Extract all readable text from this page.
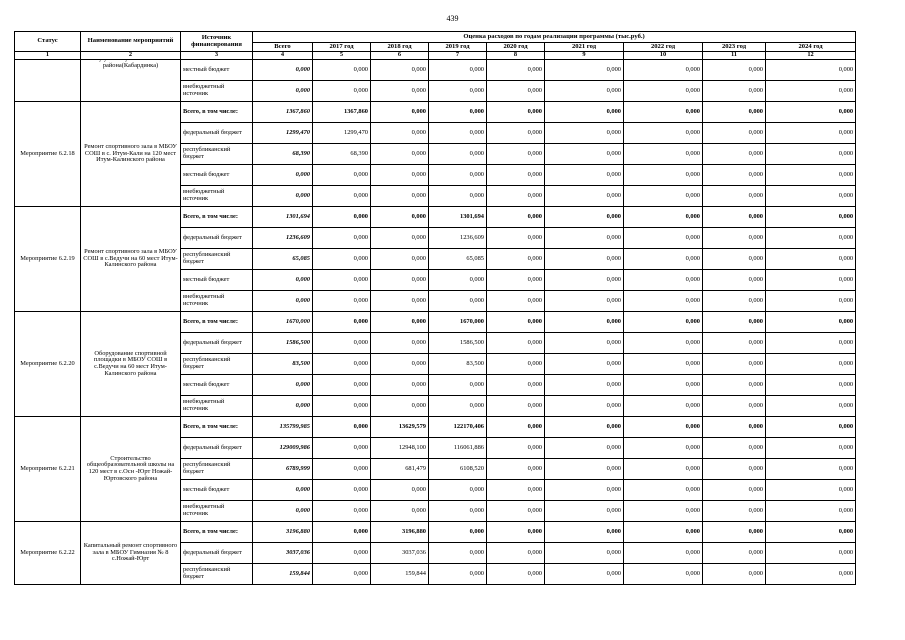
439
Статус	Наименование мероприятий	Источник финансирования	Оценка расходов по годам реализации программы (тыс.руб.)								
			Всего	2017 год	2018 год	2019 год	2020 год	2021 год	2022 год	2023 год	2024 год
1	2	3	4	5	6	7	8	9	10	11	12

	района(Кабардинка)	местный бюджет	0,000	0,000	0,000	0,000	0,000	0,000	0,000	0,000	0,000
		внебюджетный источник	0,000	0,000	0,000	0,000	0,000	0,000	0,000	0,000	0,000
Мероприятие 6.2.18	Ремонт спортивного зала в МБОУ СОШ в с. Итум-Кали на 120 мест Итум-Калинского района	Всего, в том числе:	1367,860	1367,860	0,000	0,000	0,000	0,000	0,000	0,000	0,000
		федеральный бюджет	1299,470	1299,470	0,000	0,000	0,000	0,000	0,000	0,000	0,000
		республиканский бюджет	68,390	68,390	0,000	0,000	0,000	0,000	0,000	0,000	0,000
		местный бюджет	0,000	0,000	0,000	0,000	0,000	0,000	0,000	0,000	0,000
		внебюджетный источник	0,000	0,000	0,000	0,000	0,000	0,000	0,000	0,000	0,000
Мероприятие 6.2.19	Ремонт спортивного зала в МБОУ СОШ в с.Ведучи на 60 мест Итум-Калинского района	Всего, в том числе:	1301,694	0,000	0,000	1301,694	0,000	0,000	0,000	0,000	0,000
		федеральный бюджет	1236,609	0,000	0,000	1236,609	0,000	0,000	0,000	0,000	0,000
		республиканский бюджет	65,085	0,000	0,000	65,085	0,000	0,000	0,000	0,000	0,000
		местный бюджет	0,000	0,000	0,000	0,000	0,000	0,000	0,000	0,000	0,000
		внебюджетный источник	0,000	0,000	0,000	0,000	0,000	0,000	0,000	0,000	0,000
Мероприятие 6.2.20	Оборудование спортивной площадки в МБОУ СОШ в с.Ведучи на 60 мест Итум-Калинского района	Всего, в том числе:	1670,000	0,000	0,000	1670,000	0,000	0,000	0,000	0,000	0,000
		федеральный бюджет	1586,500	0,000	0,000	1586,500	0,000	0,000	0,000	0,000	0,000
		республиканский бюджет	83,500	0,000	0,000	83,500	0,000	0,000	0,000	0,000	0,000
		местный бюджет	0,000	0,000	0,000	0,000	0,000	0,000	0,000	0,000	0,000
		внебюджетный источник	0,000	0,000	0,000	0,000	0,000	0,000	0,000	0,000	0,000
Мероприятие 6.2.21	Строительство общеобразовательной школы на 120 мест в с.Осн -Юрт Ножай-Юртовского района	Всего, в том числе:	135799,985	0,000	13629,579	122170,406	0,000	0,000	0,000	0,000	0,000
		федеральный бюджет	129009,986	0,000	12948,100	116061,886	0,000	0,000	0,000	0,000	0,000
		республиканский бюджет	6789,999	0,000	681,479	6108,520	0,000	0,000	0,000	0,000	0,000
		местный бюджет	0,000	0,000	0,000	0,000	0,000	0,000	0,000	0,000	0,000
		внебюджетный источник	0,000	0,000	0,000	0,000	0,000	0,000	0,000	0,000	0,000
Мероприятие 6.2.22	Капитальный ремонт спортивного зала в МБОУ Гимназия № 8 с.Ножай-Юрт	Всего, в том числе:	3196,880	0,000	3196,880	0,000	0,000	0,000	0,000	0,000	0,000
		федеральный бюджет	3037,036	0,000	3037,036	0,000	0,000	0,000	0,000	0,000	0,000
		республиканский бюджет	159,844	0,000	159,844	0,000	0,000	0,000	0,000	0,000	0,000
